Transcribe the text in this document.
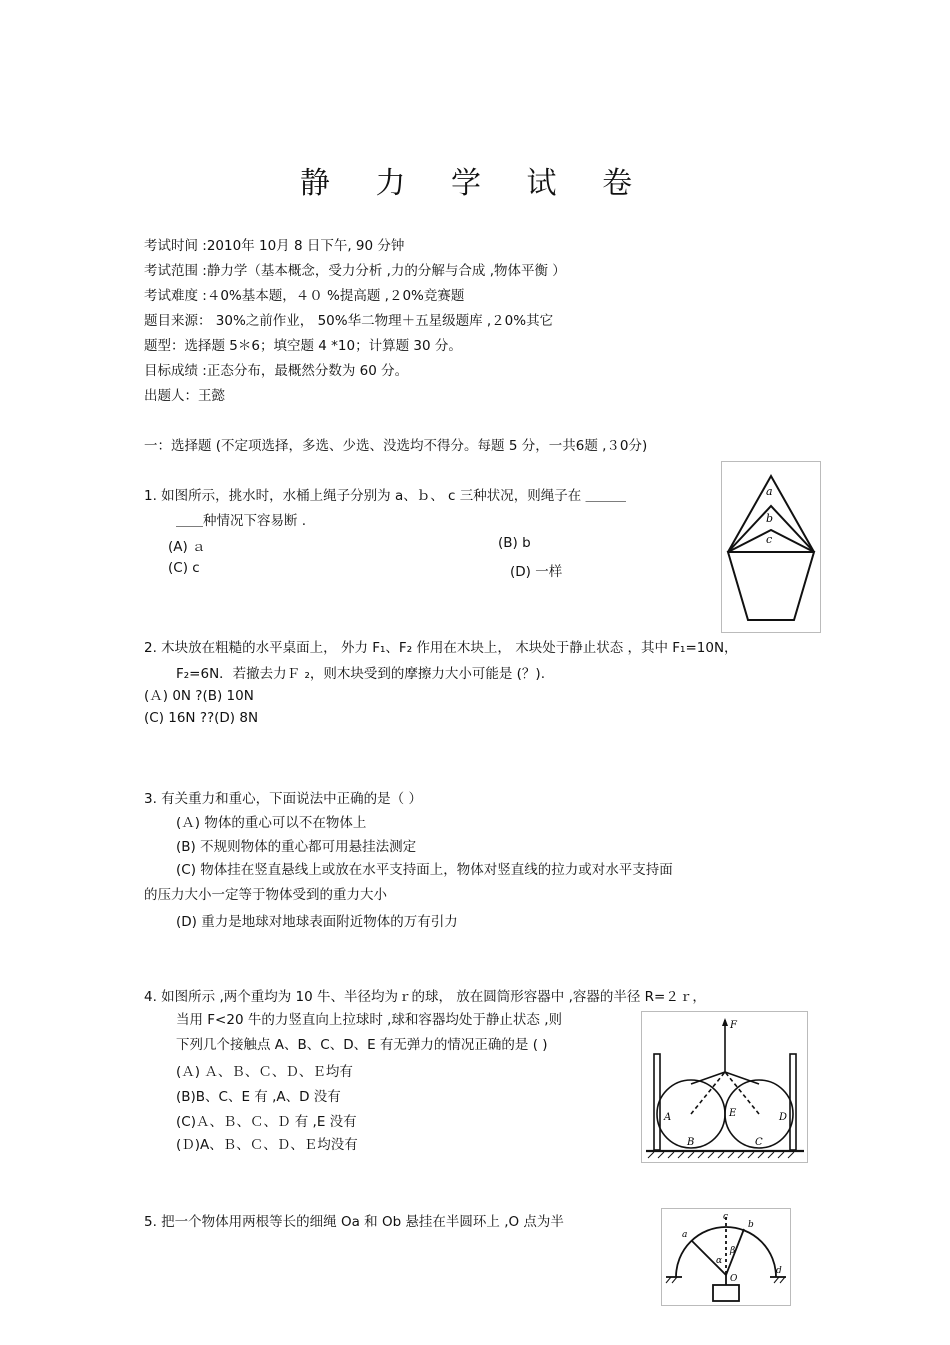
静 力 学 试 卷
考试时间 :2010年 10月 8 日下午, 90 分钟
考试范围 :静力学（基本概念，受力分析 ,力的分解与合成 ,物体平衡 ）
考试难度 :４0%基本题，４０ %提高题 ,２0%竞赛题
题目来源： 30%之前作业， 50%华二物理＋五星级题库 ,２0%其它
题型：选择题 5＊6；填空题 4 *10；计算题 30 分。
目标成绩 :正态分布，最概然分数为 60 分。
出题人：王懿
一：选择题 (不定项选择，多选、少选、没选均不得分。每题 5 分，一共6题 ,３0分)
1. 如图所示，挑水时，水桶上绳子分别为 a、ｂ、 c 三种状况，则绳子在 ＿＿＿
＿＿种情况下容易断 .
(A) ａ	(B) b
(C) c	(D) 一样
a
b
c
2. 木块放在粗糙的水平桌面上， 外力 F₁、F₂ 作用在木块上， 木块处于静止状态 ，其中 F₁=10N，
F₂=6N．若撤去力Ｆ ₂，则木块受到的摩擦力大小可能是 (？).
(Ａ) 0N ?(B) 10N
(C) 16N ??(D) 8N
3. 有关重力和重心，下面说法中正确的是（ ）
(Ａ) 物体的重心可以不在物体上
(B) 不规则物体的重心都可用悬挂法测定
(C) 物体挂在竖直悬线上或放在水平支持面上，物体对竖直线的拉力或对水平支持面
的压力大小一定等于物体受到的重力大小
(D) 重力是地球对地球表面附近物体的万有引力
4. 如图所示 ,两个重均为 10 牛、半径均为ｒ的球， 放在圆筒形容器中 ,容器的半径 R=２ｒ，
当用 F<20 牛的力竖直向上拉球时 ,球和容器均处于静止状态 ,则
下列几个接触点 A、B、C、D、E 有无弹力的情况正确的是 ( )
(Ａ) Ａ、Ｂ、Ｃ、Ｄ、Ｅ均有
(B)B、C、E 有 ,A、D 没有
(C)Ａ、Ｂ、Ｃ、Ｄ 有 ,E 没有
(Ｄ)A、Ｂ、Ｃ、Ｄ、Ｅ均没有
F
A	E	D
B	C
5. 把一个物体用两根等长的细绳 Oa 和 Ob 悬挂在半圆环上 ,O 点为半	c
a
b
α
β
O
d
